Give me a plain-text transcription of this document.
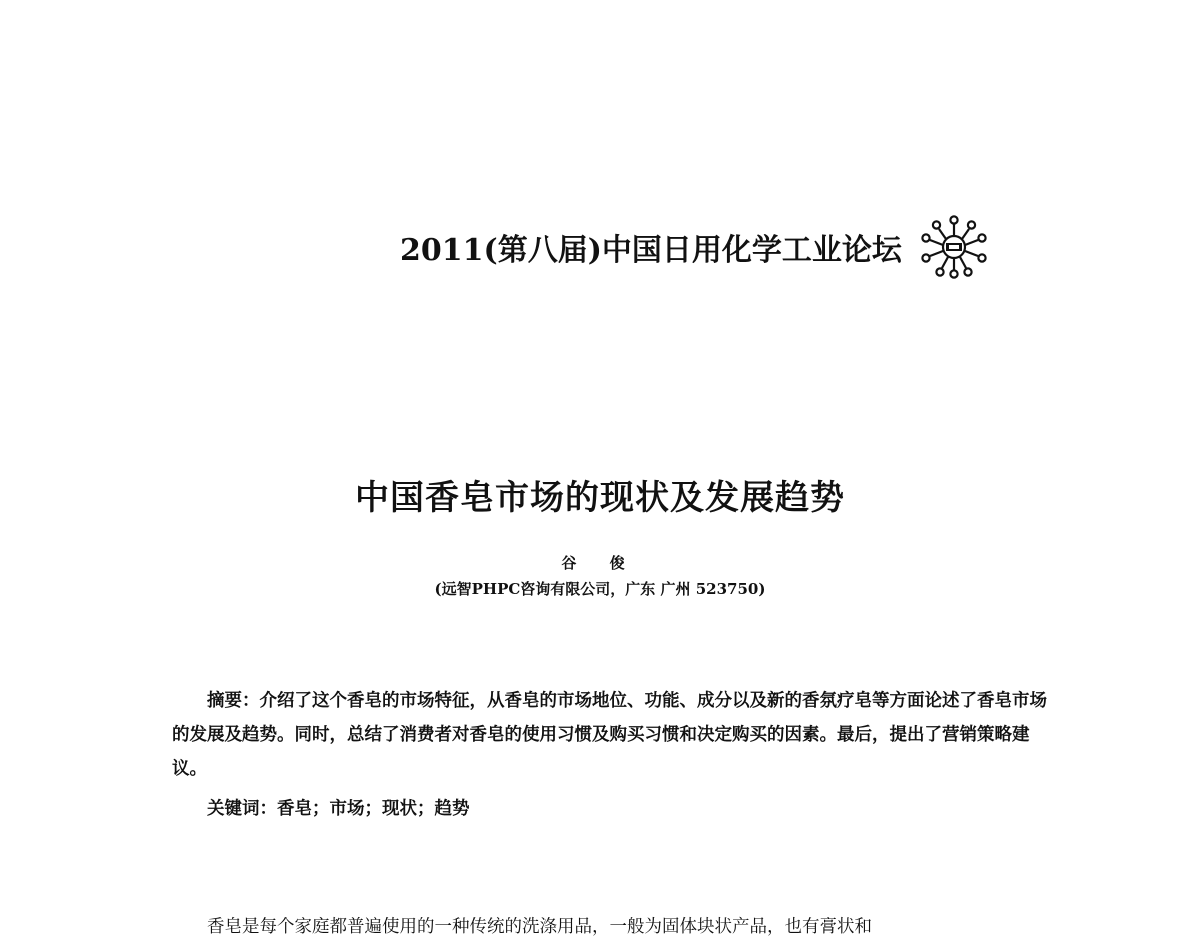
2011(第八届)中国日用化学工业论坛
中国香皂市场的现状及发展趋势
谷 俊
(远智PHPC咨询有限公司，广东 广州 523750)
摘要：介绍了这个香皂的市场特征，从香皂的市场地位、功能、成分以及新的香氛疗皂等方面论述了香皂市场的发展及趋势。同时，总结了消费者对香皂的使用习惯及购买习惯和决定购买的因素。最后，提出了营销策略建议。
关键词：香皂；市场；现状；趋势
香皂是每个家庭都普遍使用的一种传统的洗涤用品，一般为固体块状产品，也有膏状和
